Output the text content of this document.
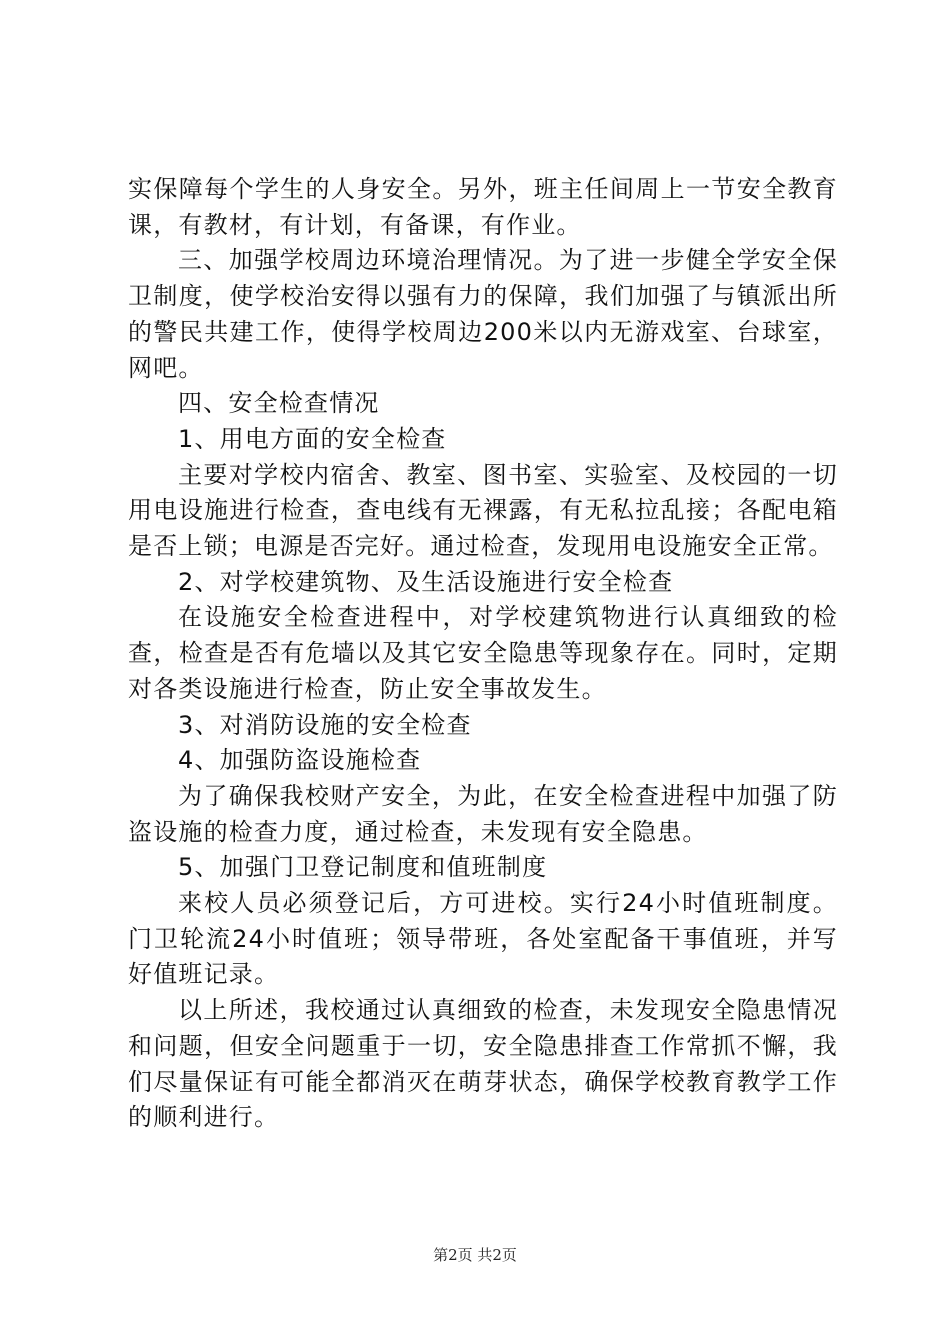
实保障每个学生的人身安全。另外，班主任间周上一节安全教育课，有教材，有计划，有备课，有作业。

三、加强学校周边环境治理情况。为了进一步健全学安全保卫制度，使学校治安得以强有力的保障，我们加强了与镇派出所的警民共建工作，使得学校周边200米以内无游戏室、台球室，网吧。

四、安全检查情况

1、用电方面的安全检查

主要对学校内宿舍、教室、图书室、实验室、及校园的一切用电设施进行检查，查电线有无裸露，有无私拉乱接；各配电箱是否上锁；电源是否完好。通过检查，发现用电设施安全正常。

2、对学校建筑物、及生活设施进行安全检查

在设施安全检查进程中，对学校建筑物进行认真细致的检查，检查是否有危墙以及其它安全隐患等现象存在。同时，定期对各类设施进行检查，防止安全事故发生。

3、对消防设施的安全检查

4、加强防盗设施检查

为了确保我校财产安全，为此，在安全检查进程中加强了防盗设施的检查力度，通过检查，未发现有安全隐患。

5、加强门卫登记制度和值班制度

来校人员必须登记后，方可进校。实行24小时值班制度。门卫轮流24小时值班；领导带班，各处室配备干事值班，并写好值班记录。

以上所述，我校通过认真细致的检查，未发现安全隐患情况和问题，但安全问题重于一切，安全隐患排查工作常抓不懈，我们尽量保证有可能全都消灭在萌芽状态，确保学校教育教学工作的顺利进行。

第2页 共2页
